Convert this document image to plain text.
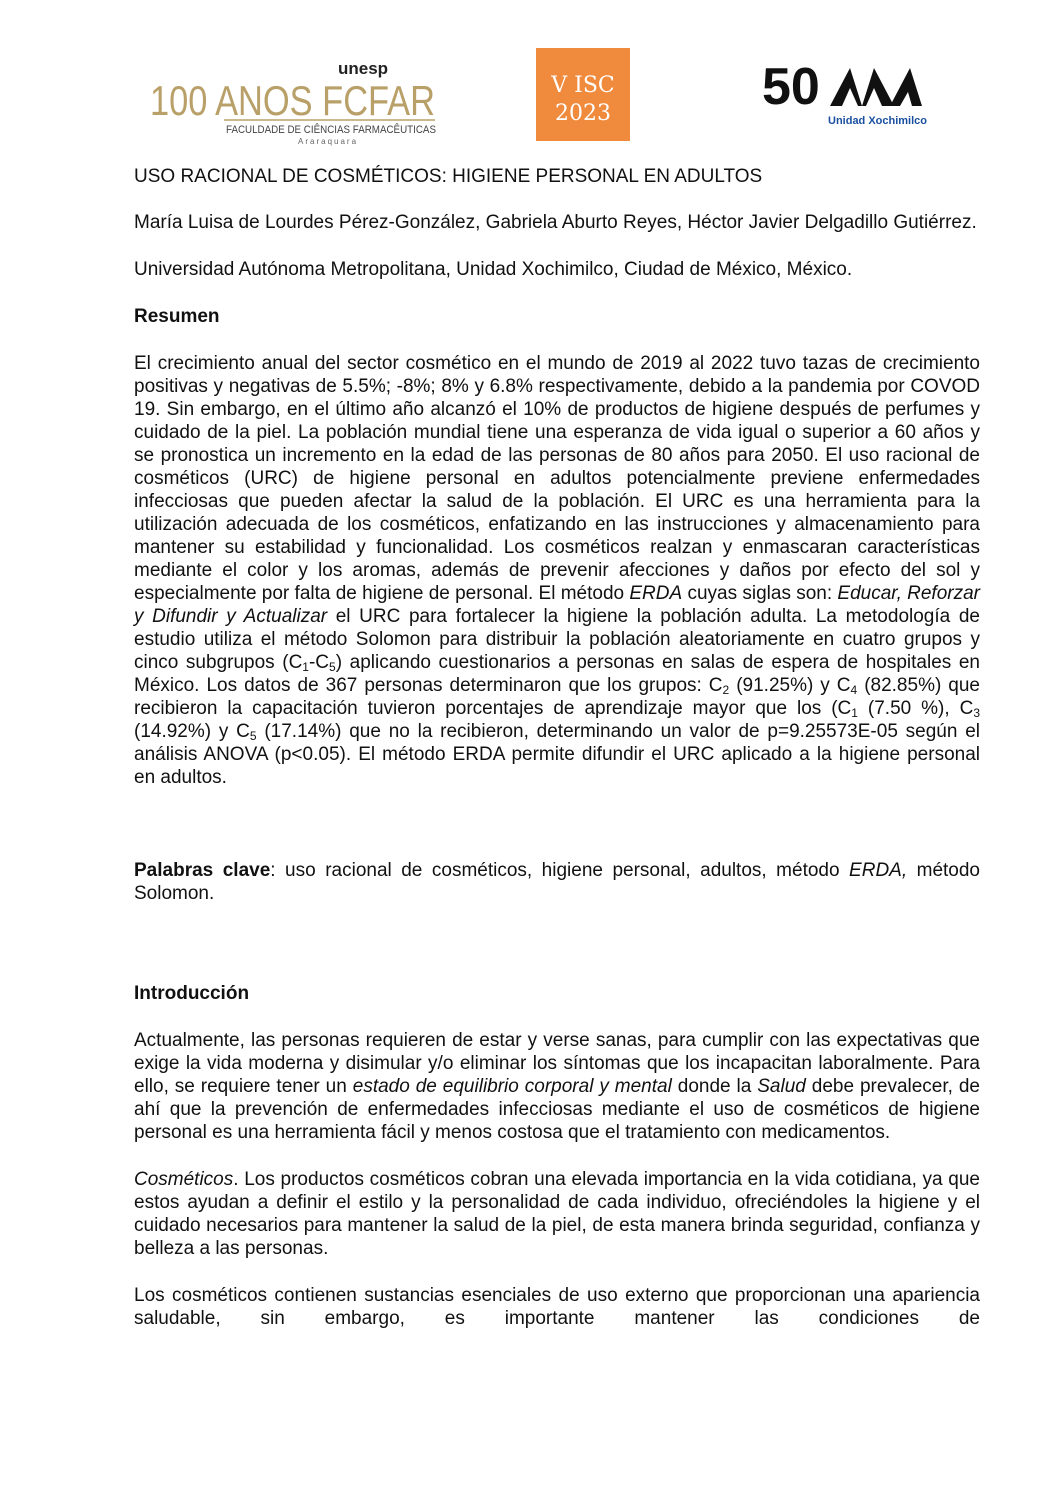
unesp
100 ANOS FCFAR
FACULDADE DE CIÊNCIAS FARMACÊUTICAS
Araraquara
V ISC
2023	50
Unidad Xochimilco

USO RACIONAL DE COSMÉTICOS: HIGIENE PERSONAL EN ADULTOS

María Luisa de Lourdes Pérez-González, Gabriela Aburto Reyes, Héctor Javier Delgadillo Gutiérrez.

Universidad Autónoma Metropolitana, Unidad Xochimilco, Ciudad de México, México.

Resumen

El crecimiento anual del sector cosmético en el mundo de 2019 al 2022 tuvo tazas de crecimiento positivas y negativas de 5.5%; -8%; 8% y 6.8% respectivamente, debido a la pandemia por COVOD 19. Sin embargo, en el último año alcanzó el 10% de productos de higiene después de perfumes y cuidado de la piel. La población mundial tiene una esperanza de vida igual o superior a 60 años y se pronostica un incremento en la edad de las personas de 80 años para 2050. El uso racional de cosméticos (URC) de higiene personal en adultos potencialmente previene enfermedades infecciosas que pueden afectar la salud de la población. El URC es una herramienta para la utilización adecuada de los cosméticos, enfatizando en las instrucciones y almacenamiento para mantener su estabilidad y funcionalidad. Los cosméticos realzan y enmascaran características mediante el color y los aromas, además de prevenir afecciones y daños por efecto del sol y especialmente por falta de higiene de personal. El método ERDA cuyas siglas son: Educar, Reforzar y Difundir y Actualizar el URC para fortalecer la higiene la población adulta. La metodología de estudio utiliza el método Solomon para distribuir la población aleatoriamente en cuatro grupos y cinco subgrupos $(C_1-C_5)$ aplicando cuestionarios a personas en salas de espera de hospitales en México. Los datos de 367 personas determinaron que los grupos: $C_2$ (91.25%) y $C_4$ (82.85%) que recibieron la capacitación tuvieron porcentajes de aprendizaje mayor que los ($C_1$ (7.50 %), $C_3$ (14.92%) y $C_5$ (17.14%) que no la recibieron, determinando un valor de p=9.25573E-05 según el análisis ANOVA (p<0.05). El método ERDA permite difundir el URC aplicado a la higiene personal en adultos.

Palabras clave: uso racional de cosméticos, higiene personal, adultos, método ERDA, método Solomon.

Introducción

Actualmente, las personas requieren de estar y verse sanas, para cumplir con las expectativas que exige la vida moderna y disimular y/o eliminar los síntomas que los incapacitan laboralmente. Para ello, se requiere tener un estado de equilibrio corporal y mental donde la Salud debe prevalecer, de ahí que la prevención de enfermedades infecciosas mediante el uso de cosméticos de higiene personal es una herramienta fácil y menos costosa que el tratamiento con medicamentos.

Cosméticos. Los productos cosméticos cobran una elevada importancia en la vida cotidiana, ya que estos ayudan a definir el estilo y la personalidad de cada individuo, ofreciéndoles la higiene y el cuidado necesarios para mantener la salud de la piel, de esta manera brinda seguridad, confianza y belleza a las personas.

Los cosméticos contienen sustancias esenciales de uso externo que proporcionan una apariencia saludable, sin embargo, es importante mantener las condiciones de
